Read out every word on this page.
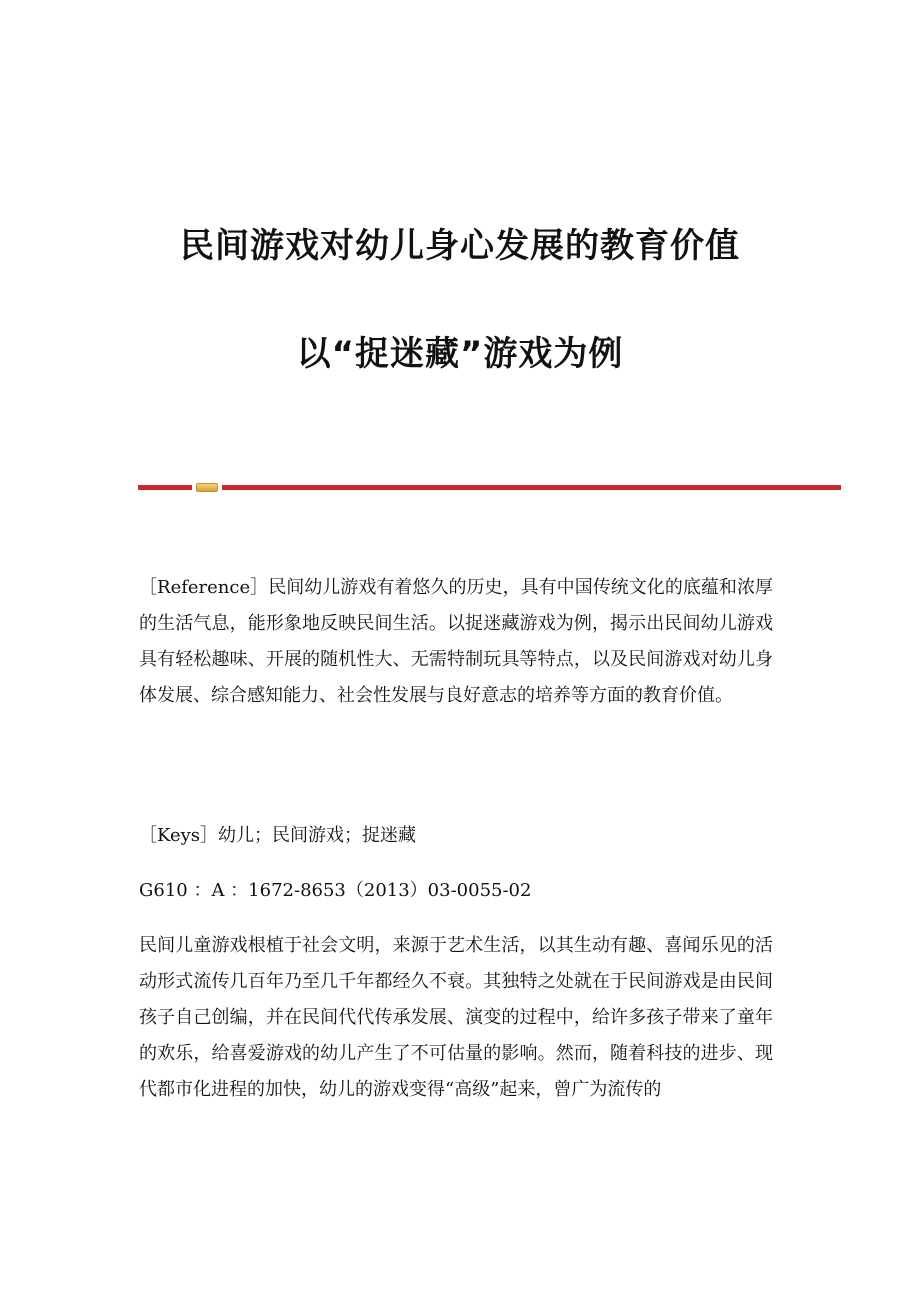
民间游戏对幼儿身心发展的教育价值
以“捉迷藏”游戏为例

［Reference］民间幼儿游戏有着悠久的历史，具有中国传统文化的底蕴和浓厚的生活气息，能形象地反映民间生活。以捉迷藏游戏为例，揭示出民间幼儿游戏具有轻松趣味、开展的随机性大、无需特制玩具等特点，以及民间游戏对幼儿身体发展、综合感知能力、社会性发展与良好意志的培养等方面的教育价值。

［Keys］幼儿；民间游戏；捉迷藏

G610 ：A ：1672-8653（2013）03-0055-02

民间儿童游戏根植于社会文明，来源于艺术生活，以其生动有趣、喜闻乐见的活动形式流传几百年乃至几千年都经久不衰。其独特之处就在于民间游戏是由民间孩子自己创编，并在民间代代传承发展、演变的过程中，给许多孩子带来了童年的欢乐，给喜爱游戏的幼儿产生了不可估量的影响。然而，随着科技的进步、现代都市化进程的加快，幼儿的游戏变得“高级”起来，曾广为流传的
